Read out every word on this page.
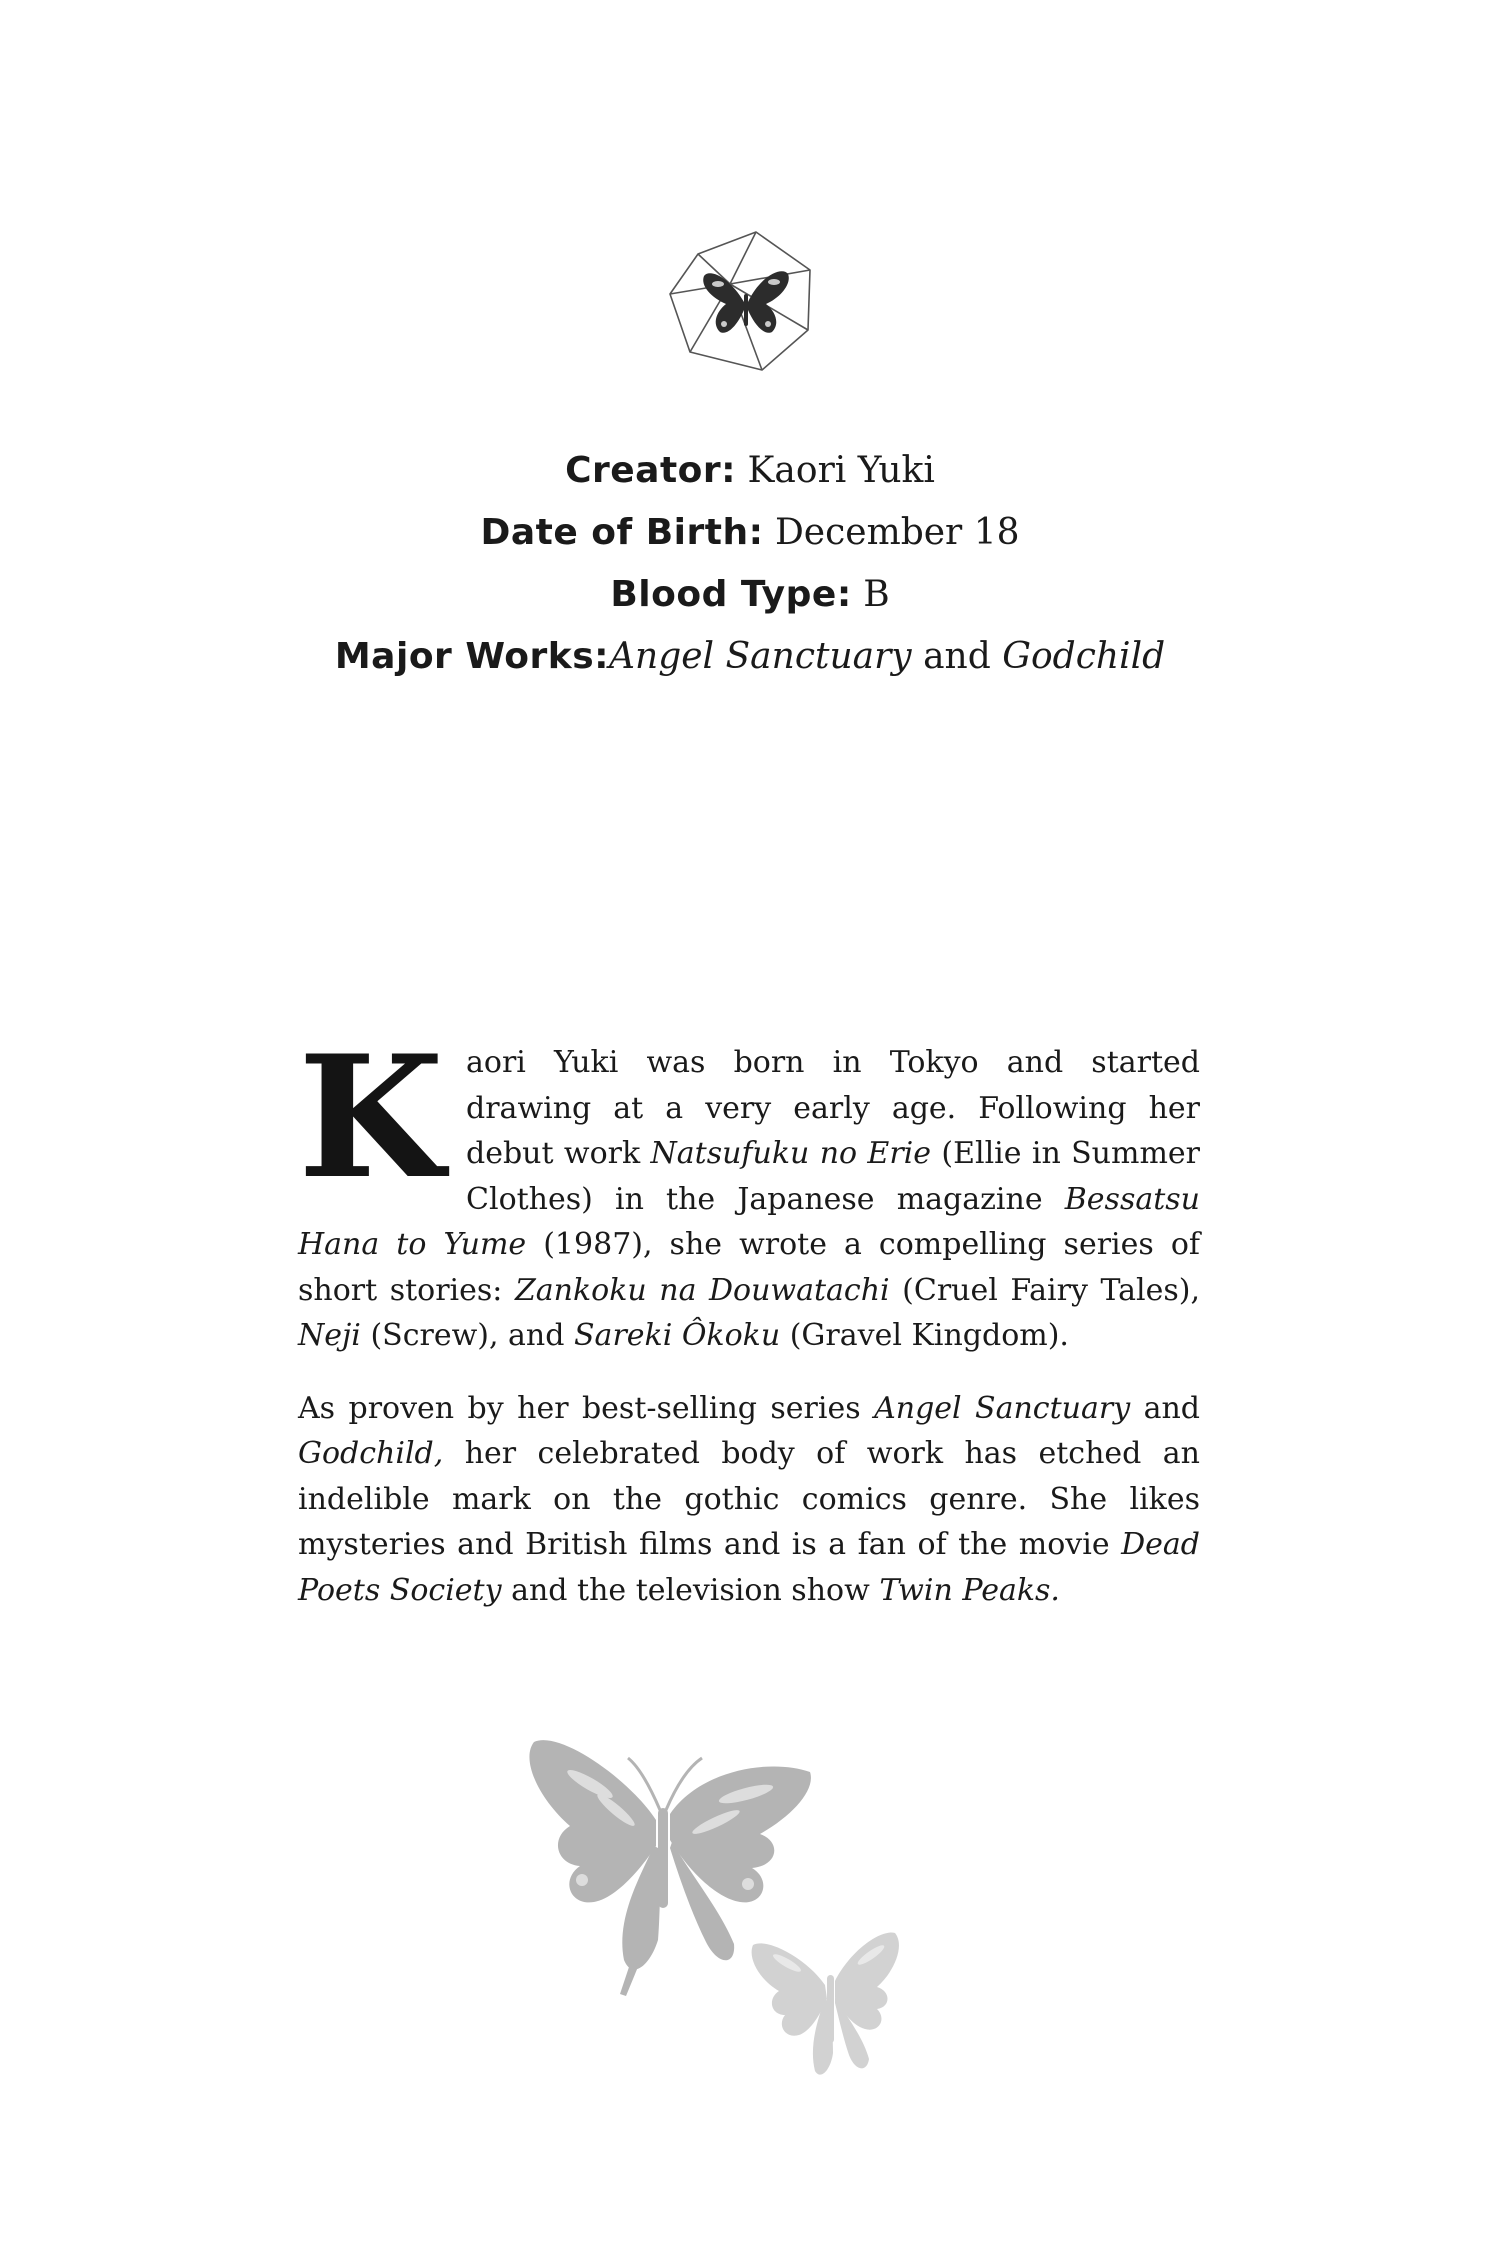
Creator: Kaori Yuki
Date of Birth: December 18
Blood Type: B
Major Works:Angel Sanctuary and Godchild

Kaori Yuki was born in Tokyo and started drawing at a very early age. Following her debut work Natsufuku no Erie (Ellie in Summer Clothes) in the Japanese magazine Bessatsu Hana to Yume (1987), she wrote a compelling series of short stories: Zankoku na Douwatachi (Cruel Fairy Tales), Neji (Screw), and Sareki Ôkoku (Gravel Kingdom).

As proven by her best-selling series Angel Sanctuary and Godchild, her celebrated body of work has etched an indelible mark on the gothic comics genre. She likes mysteries and British films and is a fan of the movie Dead Poets Society and the television show Twin Peaks.
